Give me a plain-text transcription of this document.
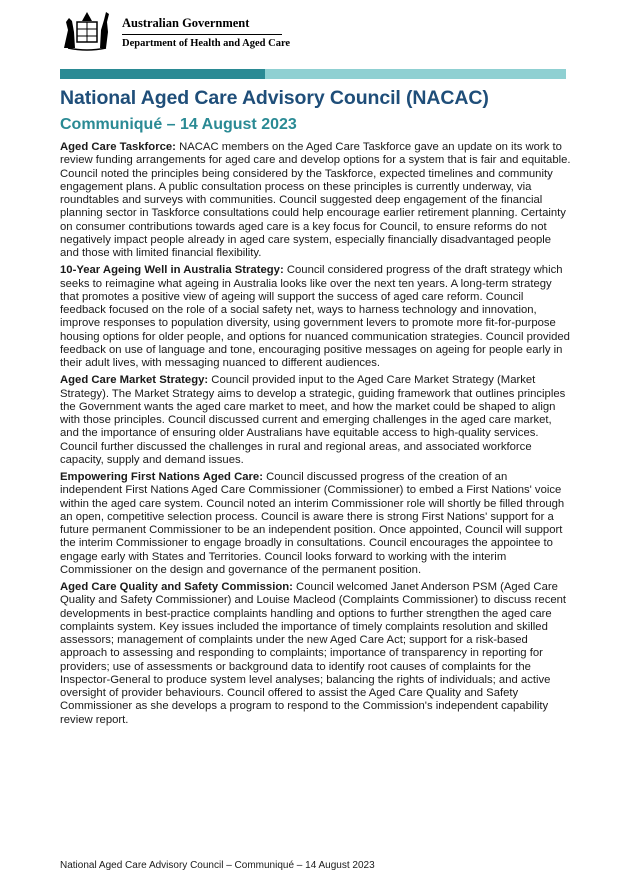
Australian Government
Department of Health and Aged Care
National Aged Care Advisory Council (NACAC)
Communiqué – 14 August 2023

Aged Care Taskforce: NACAC members on the Aged Care Taskforce gave an update on its work to review funding arrangements for aged care and develop options for a system that is fair and equitable. Council noted the principles being considered by the Taskforce, expected timelines and community engagement plans. A public consultation process on these principles is currently underway, via roundtables and surveys with communities. Council suggested deep engagement of the financial planning sector in Taskforce consultations could help encourage earlier retirement planning. Certainty on consumer contributions towards aged care is a key focus for Council, to ensure reforms do not negatively impact people already in aged care system, especially financially disadvantaged people and those with limited financial flexibility.

10-Year Ageing Well in Australia Strategy: Council considered progress of the draft strategy which seeks to reimagine what ageing in Australia looks like over the next ten years. A long-term strategy that promotes a positive view of ageing will support the success of aged care reform. Council feedback focused on the role of a social safety net, ways to harness technology and innovation, improve responses to population diversity, using government levers to promote more fit-for-purpose housing options for older people, and options for nuanced communication strategies. Council provided feedback on use of language and tone, encouraging positive messages on ageing for people early in their adult lives, with messaging nuanced to different audiences.

Aged Care Market Strategy: Council provided input to the Aged Care Market Strategy (Market Strategy). The Market Strategy aims to develop a strategic, guiding framework that outlines principles the Government wants the aged care market to meet, and how the market could be shaped to align with those principles. Council discussed current and emerging challenges in the aged care market, and the importance of ensuring older Australians have equitable access to high-quality services. Council further discussed the challenges in rural and regional areas, and associated workforce capacity, supply and demand issues.

Empowering First Nations Aged Care: Council discussed progress of the creation of an independent First Nations Aged Care Commissioner (Commissioner) to embed a First Nations' voice within the aged care system. Council noted an interim Commissioner role will shortly be filled through an open, competitive selection process. Council is aware there is strong First Nations' support for a future permanent Commissioner to be an independent position. Once appointed, Council will support the interim Commissioner to engage broadly in consultations. Council encourages the appointee to engage early with States and Territories. Council looks forward to working with the interim Commissioner on the design and governance of the permanent position.

Aged Care Quality and Safety Commission: Council welcomed Janet Anderson PSM (Aged Care Quality and Safety Commissioner) and Louise Macleod (Complaints Commissioner) to discuss recent developments in best-practice complaints handling and options to further strengthen the aged care complaints system. Key issues included the importance of timely complaints resolution and skilled assessors; management of complaints under the new Aged Care Act; support for a risk-based approach to assessing and responding to complaints; importance of transparency in reporting for providers; use of assessments or background data to identify root causes of complaints for the Inspector-General to produce system level analyses; balancing the rights of individuals; and active oversight of provider behaviours. Council offered to assist the Aged Care Quality and Safety Commissioner as she develops a program to respond to the Commission's independent capability review report.

National Aged Care Advisory Council – Communiqué – 14 August 2023
